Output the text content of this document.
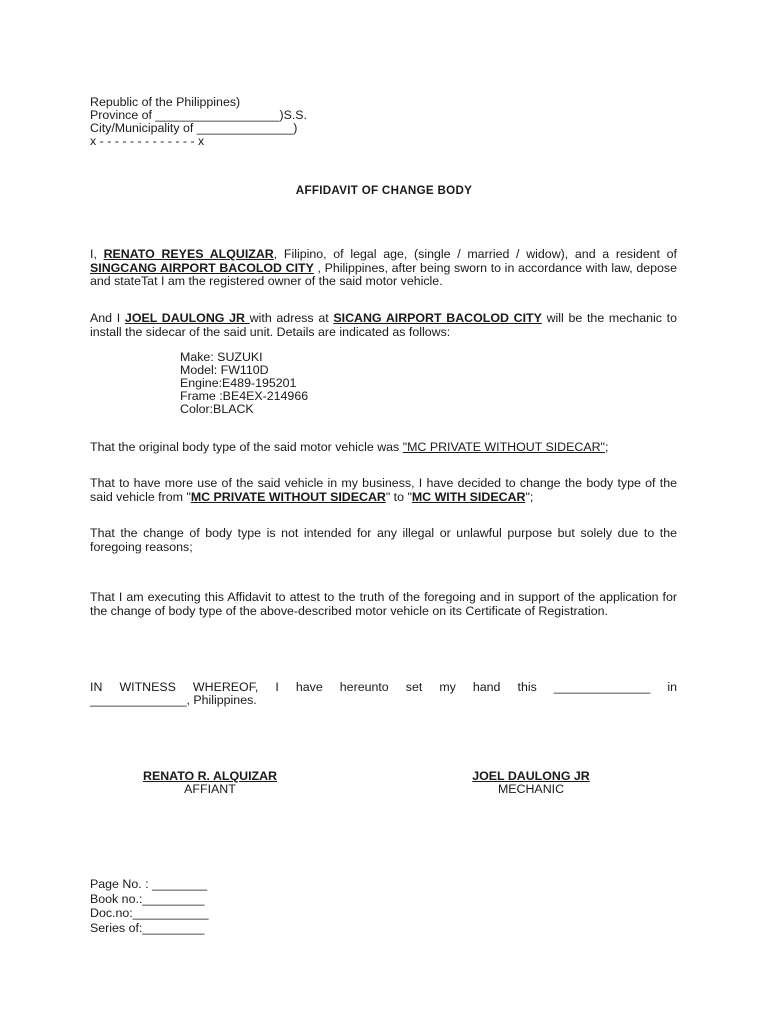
Republic of the Philippines)
Province of __________________)S.S.
City/Municipality of ______________)
x - - - - - - - - - - - - - x
AFFIDAVIT OF CHANGE BODY
I, RENATO REYES ALQUIZAR, Filipino, of legal age, (single / married / widow), and a resident of SINGCANG AIRPORT BACOLOD CITY , Philippines, after being sworn to in accordance with law, depose and stateTat I am the registered owner of the said motor vehicle.
And I JOEL DAULONG JR with adress at SICANG AIRPORT BACOLOD CITY will be the mechanic to install the sidecar of the said unit. Details are indicated as follows:
Make: SUZUKI
Model: FW110D
Engine:E489-195201
Frame :BE4EX-214966
Color:BLACK
That the original body type of the said motor vehicle was "MC PRIVATE WITHOUT SIDECAR";
That to have more use of the said vehicle in my business, I have decided to change the body type of the said vehicle from "MC PRIVATE WITHOUT SIDECAR" to "MC WITH SIDECAR";
That the change of body type is not intended for any illegal or unlawful purpose but solely due to the foregoing reasons;
That I am executing this Affidavit to attest to the truth of the foregoing and in support of the application for the change of body type of the above-described motor vehicle on its Certificate of Registration.
IN WITNESS WHEREOF, I have hereunto set my hand this ______________ in
______________, Philippines.
RENATO R. ALQUIZAR
AFFIANT
JOEL DAULONG JR
MECHANIC
Page No. : ________
Book no.:_________
Doc.no:___________
Series of:_________
